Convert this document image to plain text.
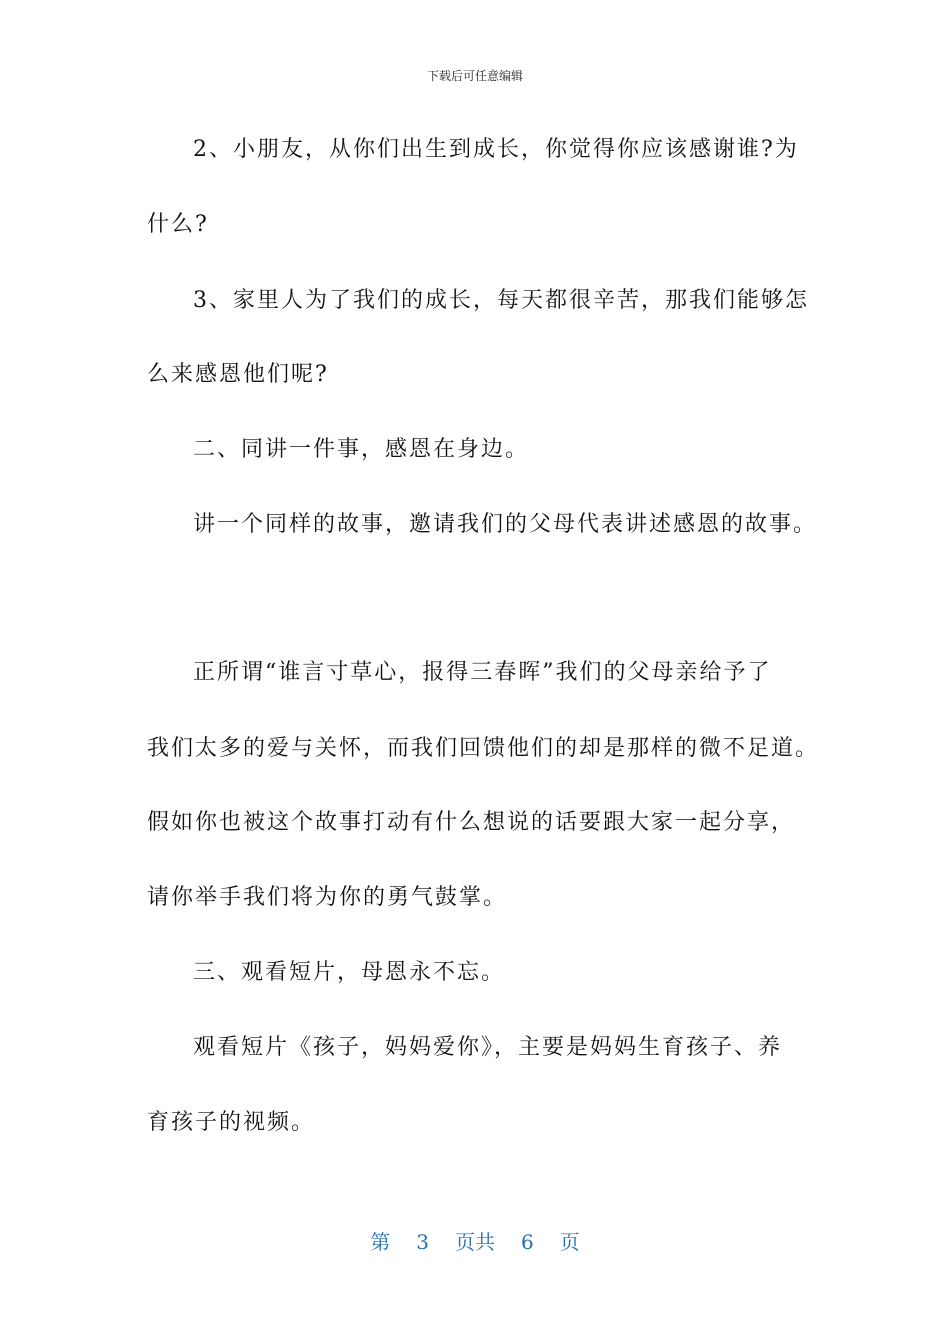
下载后可任意编辑
2、小朋友，从你们出生到成长，你觉得你应该感谢谁?为
什么?
3、家里人为了我们的成长，每天都很辛苦，那我们能够怎
么来感恩他们呢?
二、同讲一件事，感恩在身边。
讲一个同样的故事，邀请我们的父母代表讲述感恩的故事。
正所谓“谁言寸草心，报得三春晖”我们的父母亲给予了
我们太多的爱与关怀，而我们回馈他们的却是那样的微不足道。
假如你也被这个故事打动有什么想说的话要跟大家一起分享，
请你举手我们将为你的勇气鼓掌。
三、观看短片，母恩永不忘。
观看短片《孩子，妈妈爱你》，主要是妈妈生育孩子、养
育孩子的视频。
第 3 页共 6 页
